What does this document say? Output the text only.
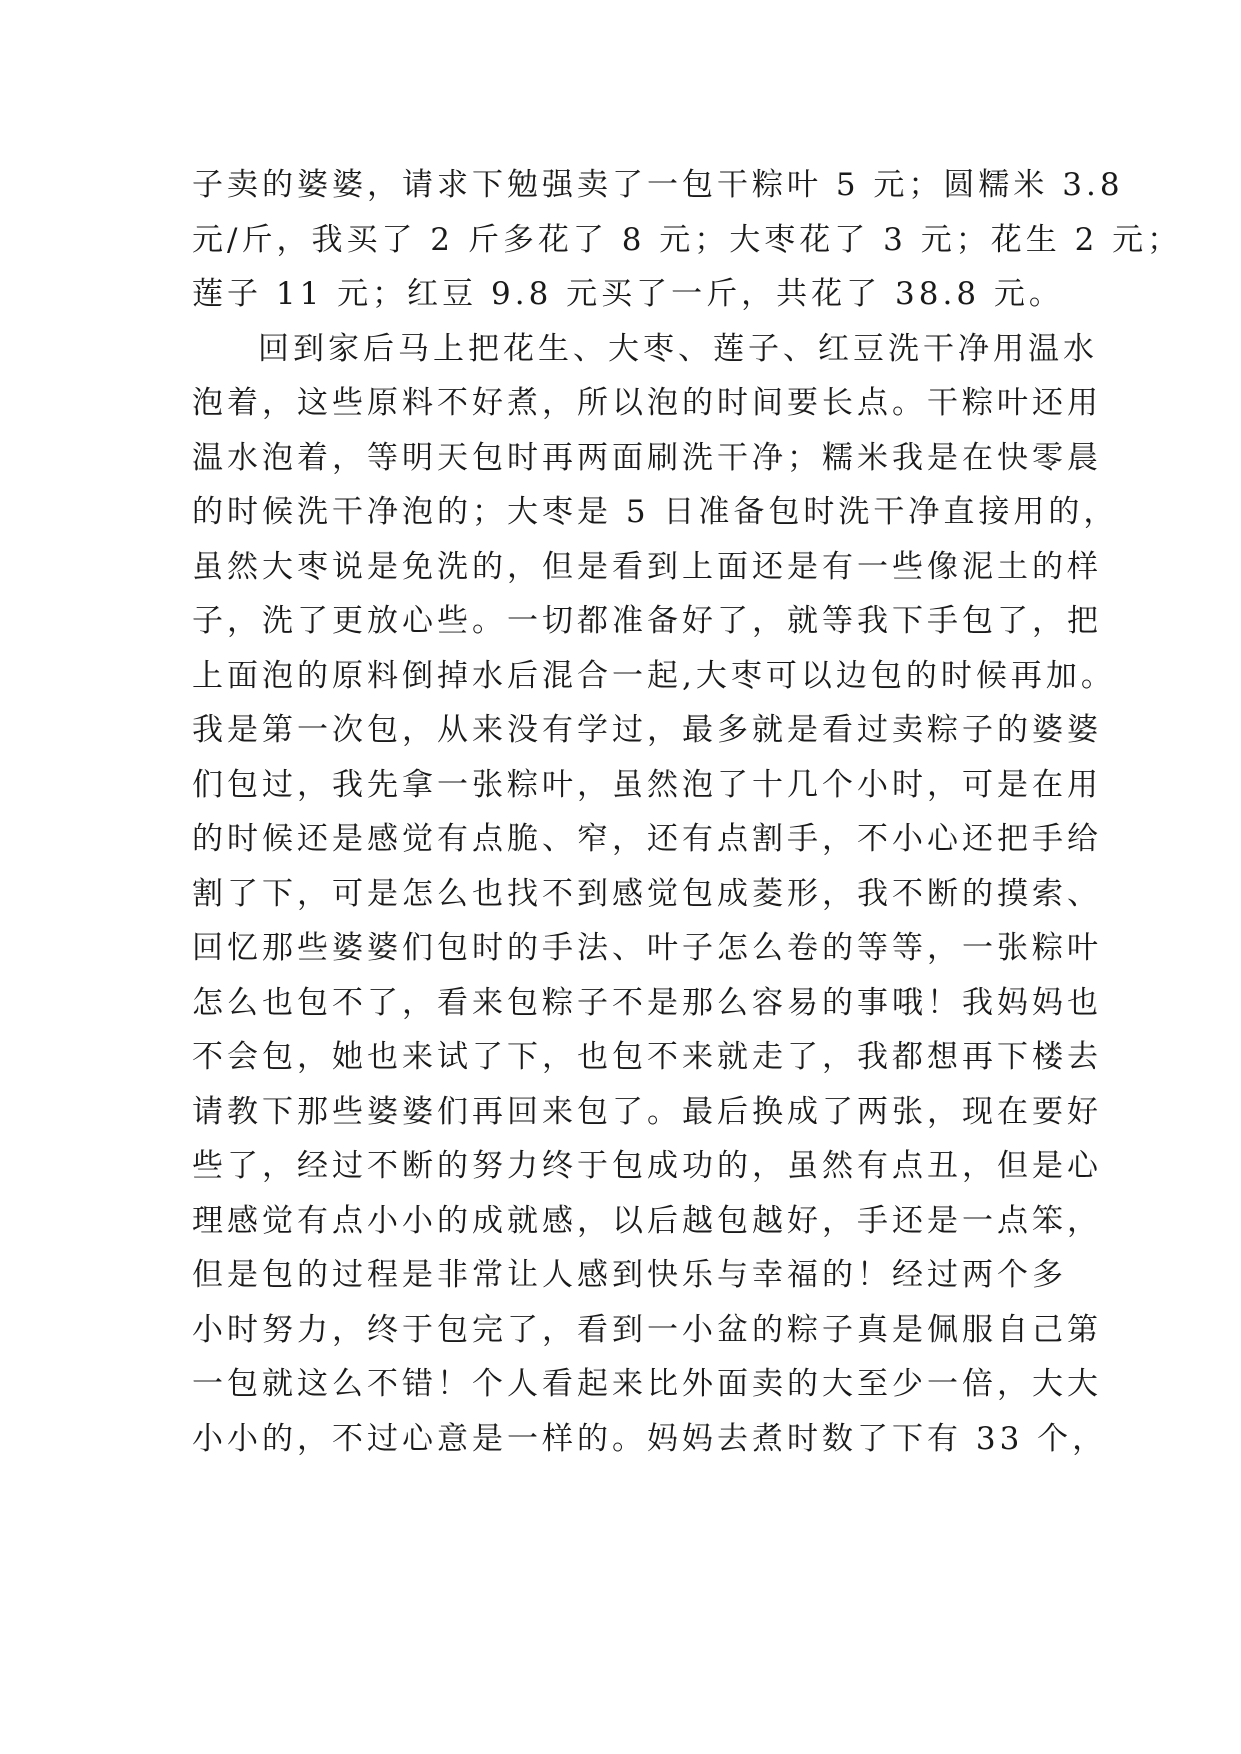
子卖的婆婆，请求下勉强卖了一包干粽叶 5 元；圆糯米 3.8
元/斤，我买了 2 斤多花了 8 元；大枣花了 3 元；花生 2 元；
莲子 11 元；红豆 9.8 元买了一斤，共花了 38.8 元。
回到家后马上把花生、大枣、莲子、红豆洗干净用温水
泡着，这些原料不好煮，所以泡的时间要长点。干粽叶还用
温水泡着，等明天包时再两面刷洗干净；糯米我是在快零晨
的时候洗干净泡的；大枣是 5 日准备包时洗干净直接用的，
虽然大枣说是免洗的，但是看到上面还是有一些像泥土的样
子，洗了更放心些。一切都准备好了，就等我下手包了，把
上面泡的原料倒掉水后混合一起,大枣可以边包的时候再加。
我是第一次包，从来没有学过，最多就是看过卖粽子的婆婆
们包过，我先拿一张粽叶，虽然泡了十几个小时，可是在用
的时候还是感觉有点脆、窄，还有点割手，不小心还把手给
割了下，可是怎么也找不到感觉包成菱形，我不断的摸索、
回忆那些婆婆们包时的手法、叶子怎么卷的等等，一张粽叶
怎么也包不了，看来包粽子不是那么容易的事哦！我妈妈也
不会包，她也来试了下，也包不来就走了，我都想再下楼去
请教下那些婆婆们再回来包了。最后换成了两张，现在要好
些了，经过不断的努力终于包成功的，虽然有点丑，但是心
理感觉有点小小的成就感，以后越包越好，手还是一点笨，
但是包的过程是非常让人感到快乐与幸福的！经过两个多
小时努力，终于包完了，看到一小盆的粽子真是佩服自己第
一包就这么不错！个人看起来比外面卖的大至少一倍，大大
小小的，不过心意是一样的。妈妈去煮时数了下有 33 个，
